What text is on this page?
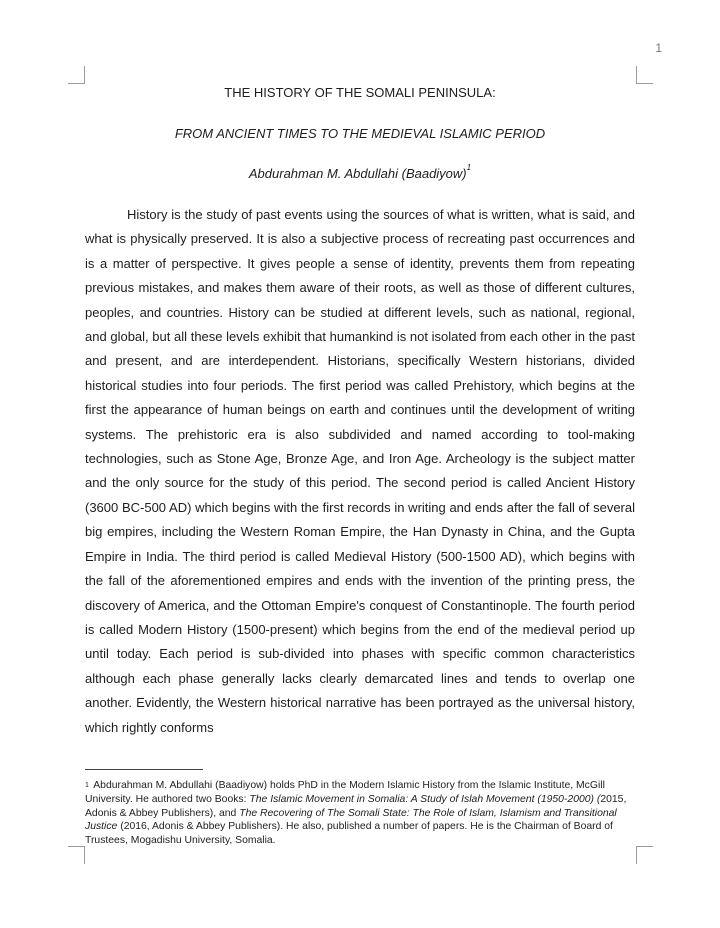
1
THE HISTORY OF THE SOMALI PENINSULA:
FROM ANCIENT TIMES TO THE MEDIEVAL ISLAMIC PERIOD
Abdurahman M. Abdullahi (Baadiyow)$^1$

History is the study of past events using the sources of what is written, what is said, and what is physically preserved. It is also a subjective process of recreating past occurrences and is a matter of perspective. It gives people a sense of identity, prevents them from repeating previous mistakes, and makes them aware of their roots, as well as those of different cultures, peoples, and countries. History can be studied at different levels, such as national, regional, and global, but all these levels exhibit that humankind is not isolated from each other in the past and present, and are interdependent. Historians, specifically Western historians, divided historical studies into four periods. The first period was called Prehistory, which begins at the first the appearance of human beings on earth and continues until the development of writing systems. The prehistoric era is also subdivided and named according to tool-making technologies, such as Stone Age, Bronze Age, and Iron Age. Archeology is the subject matter and the only source for the study of this period. The second period is called Ancient History (3600 BC-500 AD) which begins with the first records in writing and ends after the fall of several big empires, including the Western Roman Empire, the Han Dynasty in China, and the Gupta Empire in India. The third period is called Medieval History (500-1500 AD), which begins with the fall of the aforementioned empires and ends with the invention of the printing press, the discovery of America, and the Ottoman Empire's conquest of Constantinople. The fourth period is called Modern History (1500-present) which begins from the end of the medieval period up until today. Each period is sub-divided into phases with specific common characteristics although each phase generally lacks clearly demarcated lines and tends to overlap one another. Evidently, the Western historical narrative has been portrayed as the universal history, which rightly conforms

$^1$ Abdurahman M. Abdullahi (Baadiyow) holds PhD in the Modern Islamic History from the Islamic Institute, McGill University. He authored two Books: The Islamic Movement in Somalia: A Study of Islah Movement (1950-2000) (2015, Adonis & Abbey Publishers), and The Recovering of The Somali State: The Role of Islam, Islamism and Transitional Justice (2016, Adonis & Abbey Publishers). He also, published a number of papers. He is the Chairman of Board of Trustees, Mogadishu University, Somalia.
